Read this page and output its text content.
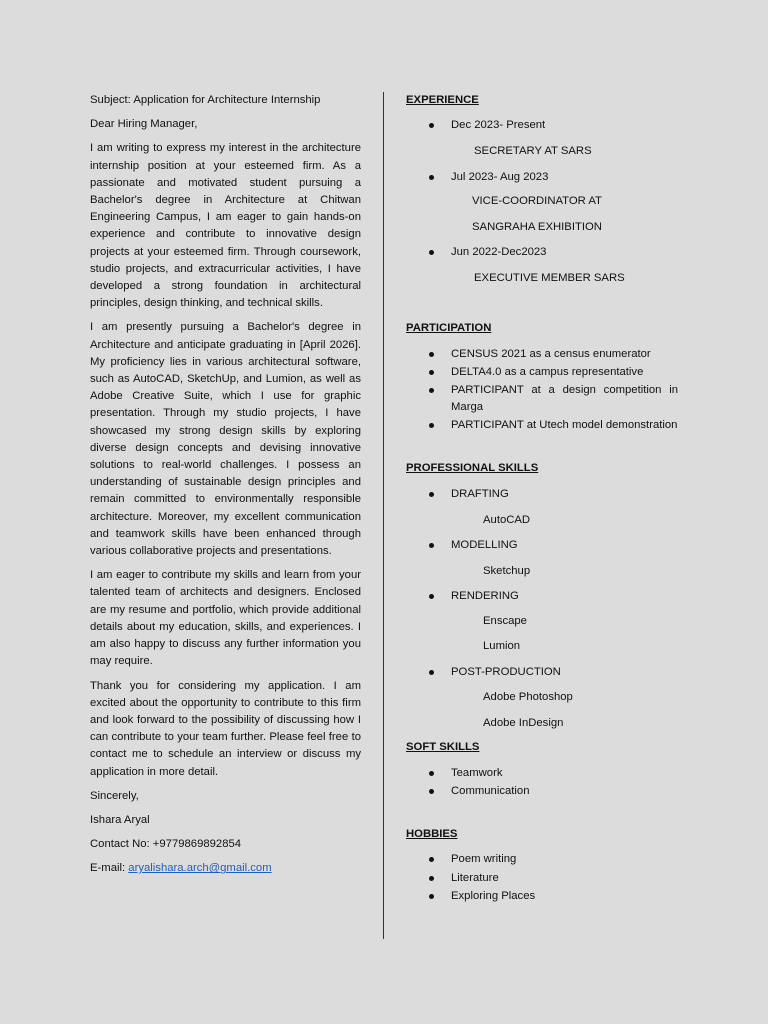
Subject: Application for Architecture Internship

Dear Hiring Manager,

I am writing to express my interest in the architecture internship position at your esteemed firm. As a passionate and motivated student pursuing a Bachelor's degree in Architecture at Chitwan Engineering Campus, I am eager to gain hands-on experience and contribute to innovative design projects at your esteemed firm. Through coursework, studio projects, and extracurricular activities, I have developed a strong foundation in architectural principles, design thinking, and technical skills.

I am presently pursuing a Bachelor's degree in Architecture and anticipate graduating in [April 2026]. My proficiency lies in various architectural software, such as AutoCAD, SketchUp, and Lumion, as well as Adobe Creative Suite, which I use for graphic presentation. Through my studio projects, I have showcased my strong design skills by exploring diverse design concepts and devising innovative solutions to real-world challenges. I possess an understanding of sustainable design principles and remain committed to environmentally responsible architecture. Moreover, my excellent communication and teamwork skills have been enhanced through various collaborative projects and presentations.

I am eager to contribute my skills and learn from your talented team of architects and designers. Enclosed are my resume and portfolio, which provide additional details about my education, skills, and experiences. I am also happy to discuss any further information you may require.

Thank you for considering my application. I am excited about the opportunity to contribute to this firm and look forward to the possibility of discussing how I can contribute to your team further. Please feel free to contact me to schedule an interview or discuss my application in more detail.

Sincerely,

Ishara Aryal

Contact No: +9779869892854

E-mail: aryalishara.arch@gmail.com

EXPERIENCE
Dec 2023- Present
SECRETARY AT SARS
Jul 2023- Aug 2023
VICE-COORDINATOR AT
SANGRAHA EXHIBITION
Jun 2022-Dec2023
EXECUTIVE MEMBER SARS
PARTICIPATION
CENSUS 2021 as a census enumerator
DELTA4.0 as a campus representative
PARTICIPANT at a design competition in Marga
PARTICIPANT at Utech model demonstration
PROFESSIONAL SKILLS
DRAFTING
AutoCAD
MODELLING
Sketchup
RENDERING
Enscape
Lumion
POST-PRODUCTION
Adobe Photoshop
Adobe InDesign
SOFT SKILLS
Teamwork
Communication
HOBBIES
Poem writing
Literature
Exploring Places
